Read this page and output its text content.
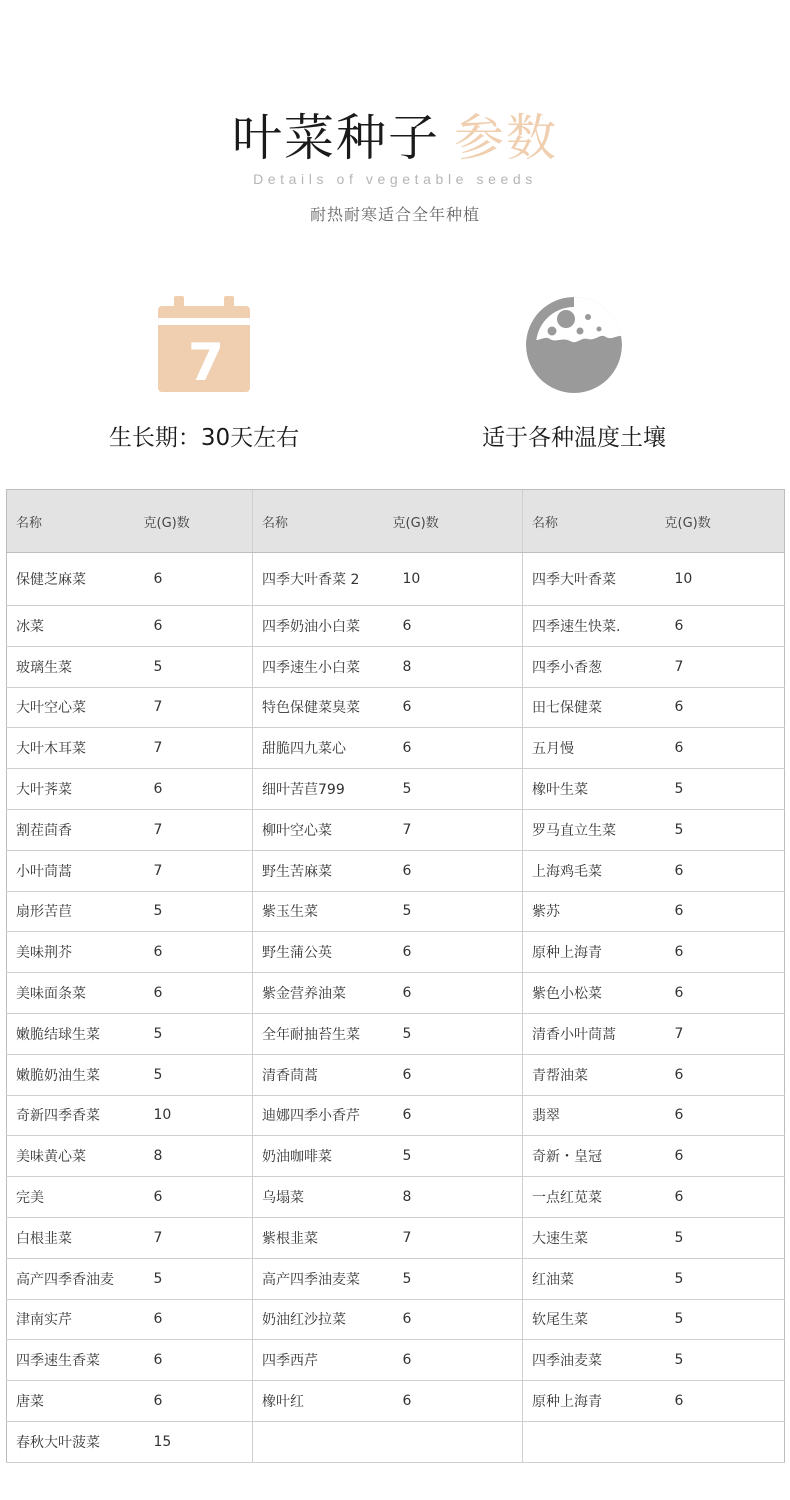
叶菜种子 参数
Details of vegetable seeds
耐热耐寒适合全年种植
7
生长期：30天左右	适于各种温度土壤
名称	克(G)数	名称	克(G)数	名称	克(G)数
保健芝麻菜	6	四季大叶香菜 2	10	四季大叶香菜	10
冰菜	6	四季奶油小白菜	6	四季速生快菜.	6
玻璃生菜	5	四季速生小白菜	8	四季小香葱	7
大叶空心菜	7	特色保健菜臭菜	6	田七保健菜	6
大叶木耳菜	7	甜脆四九菜心	6	五月慢	6
大叶荠菜	6	细叶苦苣799	5	橡叶生菜	5
割茬茴香	7	柳叶空心菜	7	罗马直立生菜	5
小叶茼蒿	7	野生苦麻菜	6	上海鸡毛菜	6
扇形苦苣	5	紫玉生菜	5	紫苏	6
美味荆芥	6	野生蒲公英	6	原种上海青	6
美味面条菜	6	紫金营养油菜	6	紫色小松菜	6
嫩脆结球生菜	5	全年耐抽苔生菜	5	清香小叶茼蒿	7
嫩脆奶油生菜	5	清香茼蒿	6	青帮油菜	6
奇新四季香菜	10	迪娜四季小香芹	6	翡翠	6
美味黄心菜	8	奶油咖啡菜	5	奇新・皇冠	6
完美	6	乌塌菜	8	一点红苋菜	6
白根韭菜	7	紫根韭菜	7	大速生菜	5
高产四季香油麦	5	高产四季油麦菜	5	红油菜	5
津南实芹	6	奶油红沙拉菜	6	软尾生菜	5
四季速生香菜	6	四季西芹	6	四季油麦菜	5
唐菜	6	橡叶红	6	原种上海青	6
春秋大叶菠菜	15				
